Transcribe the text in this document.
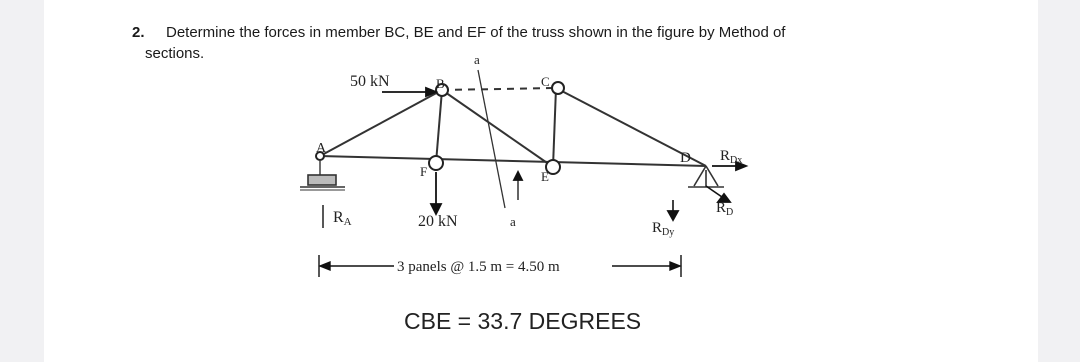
2. Determine the forces in member BC, BE and EF of the truss shown in the figure by Method of
sections.	a
a
50 kN
20 kN
A
B	C
D
E
F
RA
$R_{Dx}$
$R_D$
$R_{Dy}$
3 panels @ 1.5 m = 4.50 m
CBE = 33.7 DEGREES
